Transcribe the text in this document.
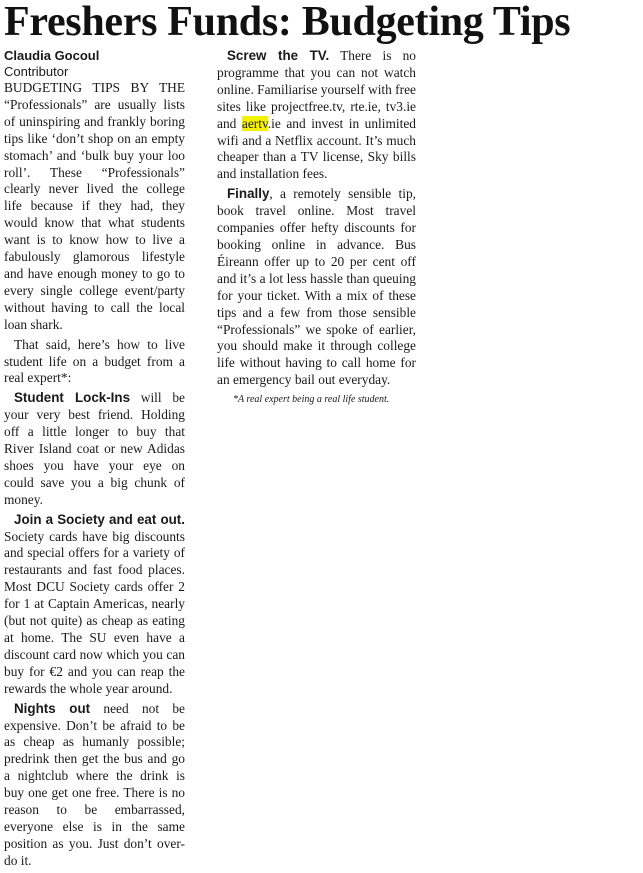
Freshers Funds: Budgeting Tips
Claudia Gocoul
Contributor

BUDGETING TIPS BY THE “Professionals” are usually lists of uninspiring and frankly boring tips like ‘don’t shop on an empty stomach’ and ‘bulk buy your loo roll’. These “Professionals” clearly never lived the college life because if they had, they would know that what students want is to know how to live a fabulously glamorous lifestyle and have enough money to go to every single college event/party without having to call the local loan shark.

That said, here’s how to live student life on a budget from a real expert*:

Student Lock-Ins will be your very best friend. Holding off a little longer to buy that River Island coat or new Adidas shoes you have your eye on could save you a big chunk of money.

Join a Society and eat out. Society cards have big discounts and special offers for a variety of restaurants and fast food places. Most DCU Society cards offer 2 for 1 at Captain Americas, nearly (but not quite) as cheap as eating at home. The SU even have a discount card now which you can buy for €2 and you can reap the rewards the whole year around.

Nights out need not be expensive. Don’t be afraid to be as cheap as humanly possible; predrink then get the bus and go a nightclub where the drink is buy one get one free. There is no reason to be embarrassed, everyone else is in the same position as you. Just don’t over-do it.

Screw the TV. There is no programme that you can not watch online. Familiarise yourself with free sites like projectfree.tv, rte.ie, tv3.ie and aertv.ie and invest in unlimited wifi and a Netflix account. It’s much cheaper than a TV license, Sky bills and installation fees.

Finally, a remotely sensible tip, book travel online. Most travel companies offer hefty discounts for booking online in advance. Bus Éireann offer up to 20 per cent off and it’s a lot less hassle than queuing for your ticket. With a mix of these tips and a few from those sensible “Professionals” we spoke of earlier, you should make it through college life without having to call home for an emergency bail out everyday.

*A real expert being a real life student.
